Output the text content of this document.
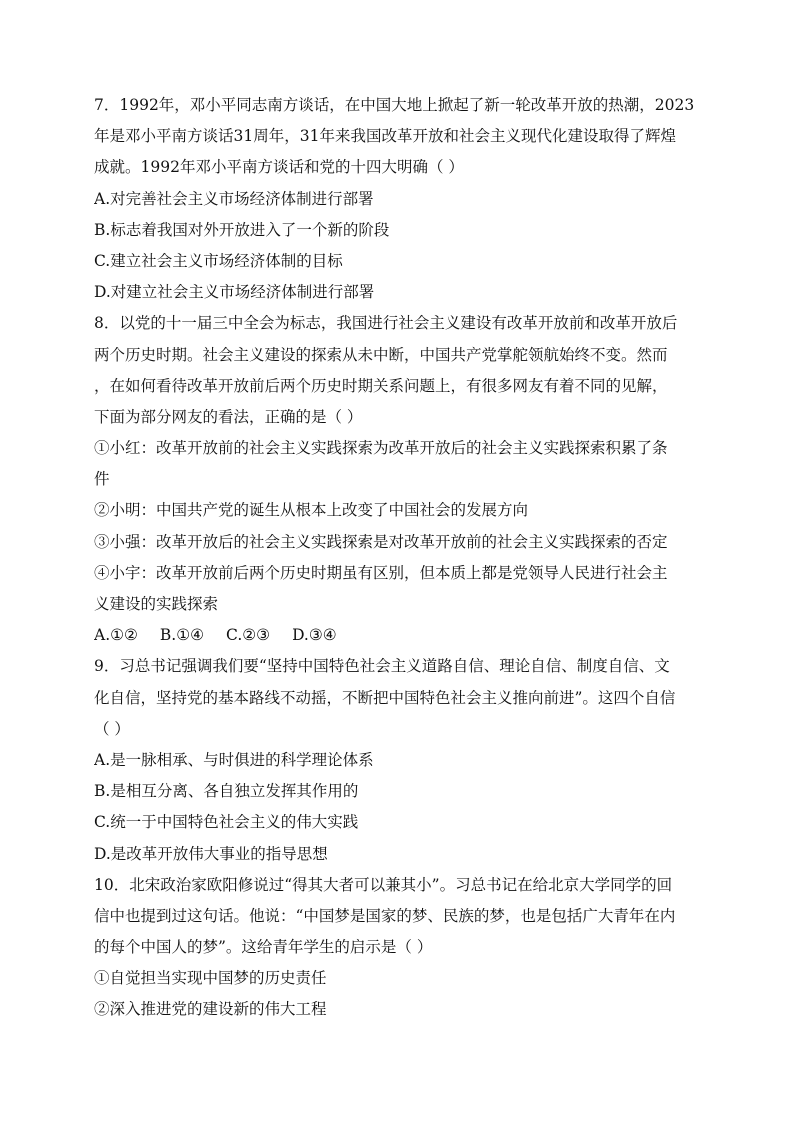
7．1992年，邓小平同志南方谈话，在中国大地上掀起了新一轮改革开放的热潮，2023
年是邓小平南方谈话31周年，31年来我国改革开放和社会主义现代化建设取得了辉煌
成就。1992年邓小平南方谈话和党的十四大明确（ ）
A.对完善社会主义市场经济体制进行部署
B.标志着我国对外开放进入了一个新的阶段
C.建立社会主义市场经济体制的目标
D.对建立社会主义市场经济体制进行部署
8．以党的十一届三中全会为标志，我国进行社会主义建设有改革开放前和改革开放后
两个历史时期。社会主义建设的探索从未中断，中国共产党掌舵领航始终不变。然而
，在如何看待改革开放前后两个历史时期关系问题上，有很多网友有着不同的见解，
下面为部分网友的看法，正确的是（ ）
①小红：改革开放前的社会主义实践探索为改革开放后的社会主义实践探索积累了条
件
②小明：中国共产党的诞生从根本上改变了中国社会的发展方向
③小强：改革开放后的社会主义实践探索是对改革开放前的社会主义实践探索的否定
④小宇：改革开放前后两个历史时期虽有区别，但本质上都是党领导人民进行社会主
义建设的实践探索
A.①② B.①④ C.②③ D.③④
9．习总书记强调我们要“坚持中国特色社会主义道路自信、理论自信、制度自信、文
化自信，坚持党的基本路线不动摇，不断把中国特色社会主义推向前进”。这四个自信
（ ）
A.是一脉相承、与时俱进的科学理论体系
B.是相互分离、各自独立发挥其作用的
C.统一于中国特色社会主义的伟大实践
D.是改革开放伟大事业的指导思想
10．北宋政治家欧阳修说过“得其大者可以兼其小”。习总书记在给北京大学同学的回
信中也提到过这句话。他说：“中国梦是国家的梦、民族的梦，也是包括广大青年在内
的每个中国人的梦”。这给青年学生的启示是（ ）
①自觉担当实现中国梦的历史责任
②深入推进党的建设新的伟大工程
